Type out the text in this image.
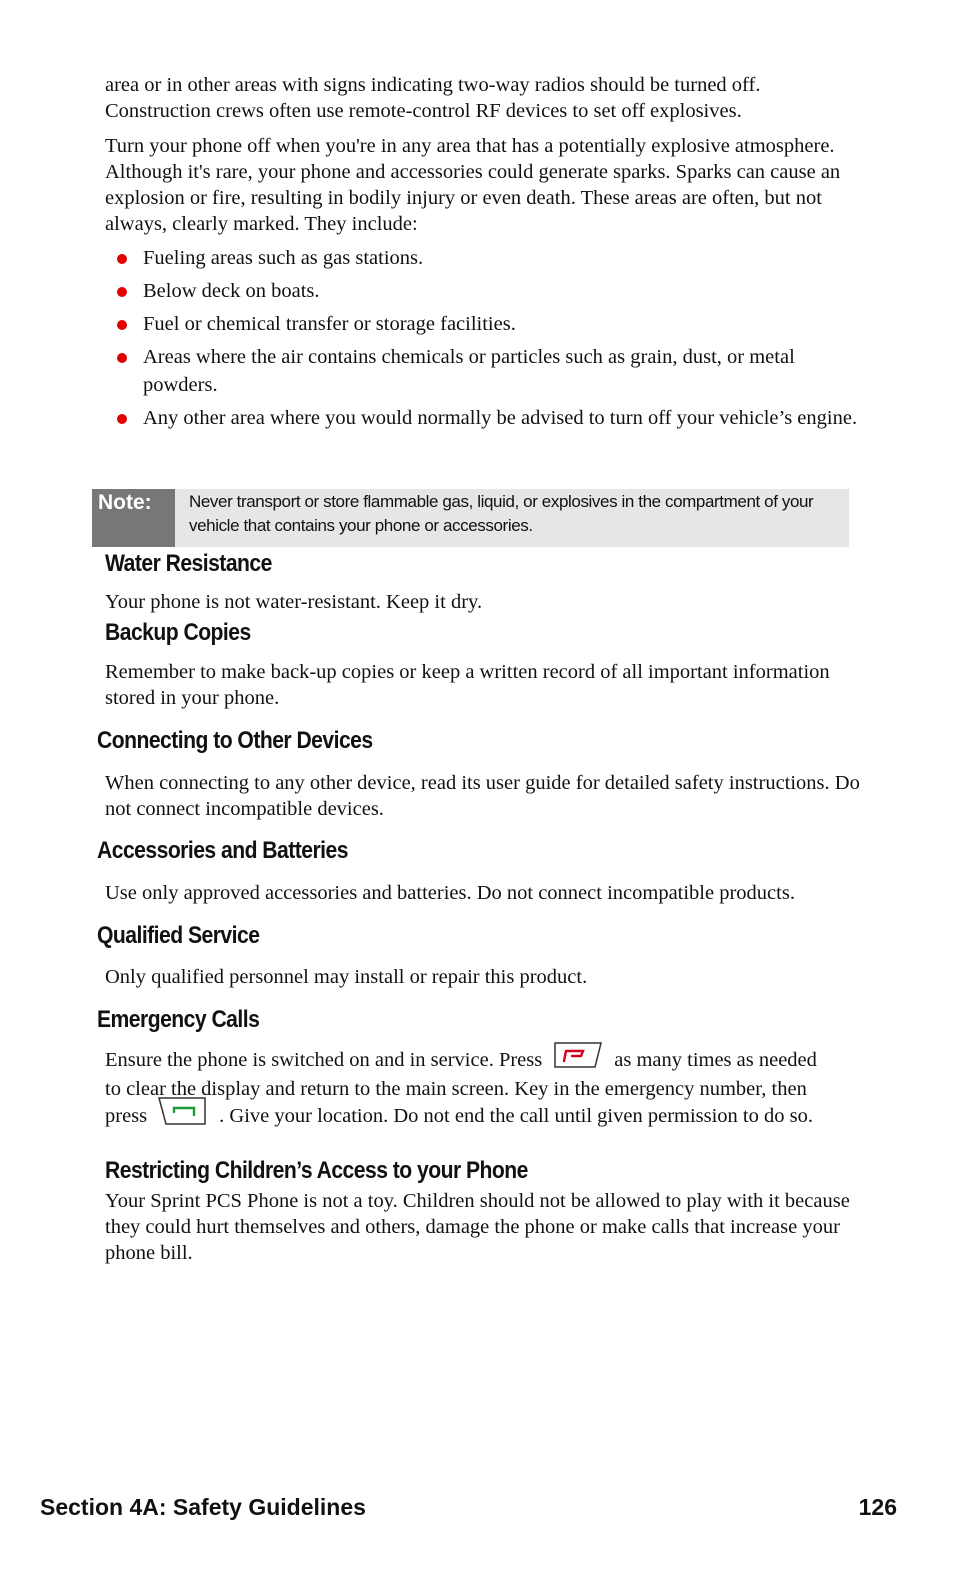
area or in other areas with signs indicating two-way radios should be turned off. Construction crews often use remote-control RF devices to set off explosives.

Turn your phone off when you're in any area that has a potentially explosive atmosphere. Although it's rare, your phone and accessories could generate sparks. Sparks can cause an explosion or fire, resulting in bodily injury or even death. These areas are often, but not always, clearly marked. They include:

Fueling areas such as gas stations.
Below deck on boats.
Fuel or chemical transfer or storage facilities.
Areas where the air contains chemicals or particles such as grain, dust, or metal powders.
Any other area where you would normally be advised to turn off your vehicle’s engine.
Note:	Never transport or store flammable gas, liquid, or explosives in the compartment of your vehicle that contains your phone or accessories.
Water Resistance

Your phone is not water-resistant. Keep it dry.

Backup Copies

Remember to make back-up copies or keep a written record of all important information stored in your phone.

Connecting to Other Devices

When connecting to any other device, read its user guide for detailed safety instructions. Do not connect incompatible devices.

Accessories and Batteries

Use only approved accessories and batteries. Do not connect incompatible products.

Qualified Service

Only qualified personnel may install or repair this product.

Emergency Calls

Ensure the phone is switched on and in service. Press	as many times as needed to clear the display and return to the main screen. Key in the emergency number, then press	. Give your location. Do not end the call until given permission to do so.

Restricting Children’s Access to your Phone

Your Sprint PCS Phone is not a toy. Children should not be allowed to play with it because they could hurt themselves and others, damage the phone or make calls that increase your phone bill.

Section 4A: Safety Guidelines	126
